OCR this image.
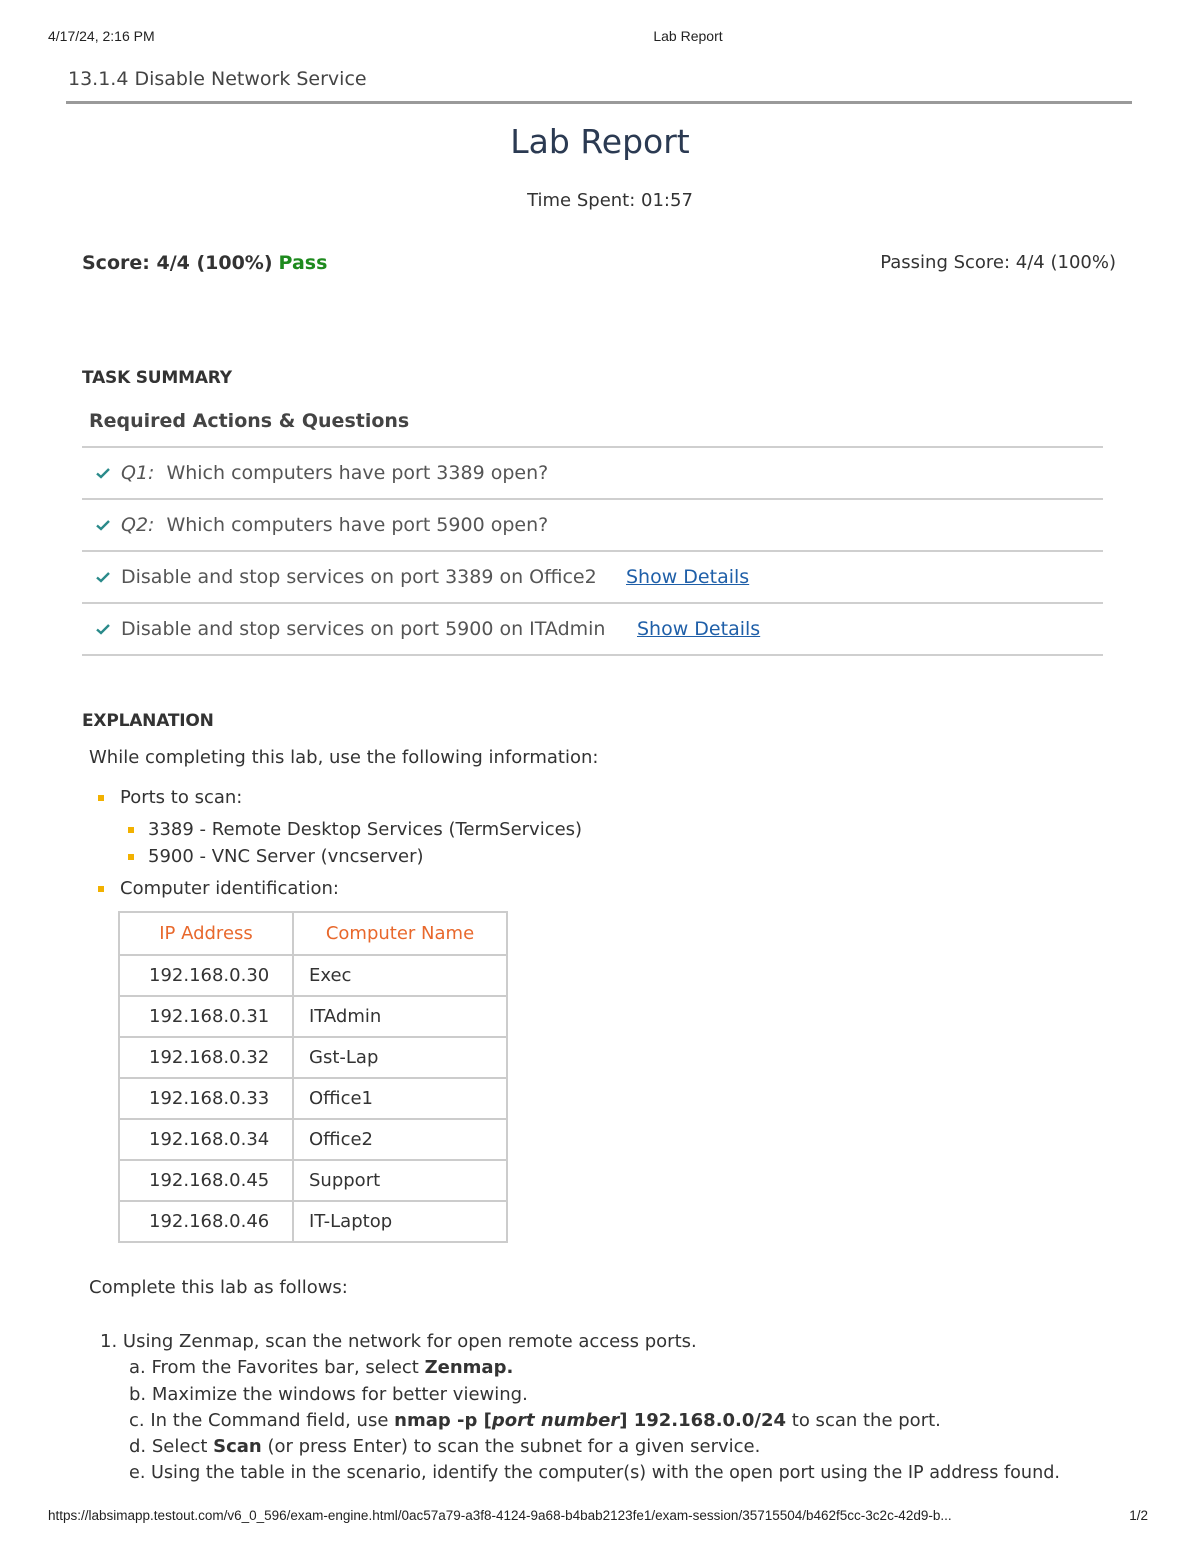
4/17/24, 2:16 PM	Lab Report
13.1.4 Disable Network Service
Lab Report
Time Spent: 01:57
Score: 4/4 (100%) Pass	Passing Score: 4/4 (100%)
TASK SUMMARY
Required Actions & Questions
Q1: Which computers have port 3389 open?
Q2: Which computers have port 5900 open?
Disable and stop services on port 3389 on Office2 Show Details
Disable and stop services on port 5900 on ITAdmin Show Details
EXPLANATION
While completing this lab, use the following information:
Ports to scan:
3389 - Remote Desktop Services (TermServices)
5900 - VNC Server (vncserver)
Computer identification:
IP Address	Computer Name
192.168.0.30	Exec
192.168.0.31	ITAdmin
192.168.0.32	Gst-Lap
192.168.0.33	Office1
192.168.0.34	Office2
192.168.0.45	Support
192.168.0.46	IT-Laptop
Complete this lab as follows:
1. Using Zenmap, scan the network for open remote access ports.
a. From the Favorites bar, select Zenmap.
b. Maximize the windows for better viewing.
c. In the Command field, use nmap -p [port number] 192.168.0.0/24 to scan the port.
d. Select Scan (or press Enter) to scan the subnet for a given service.
e. Using the table in the scenario, identify the computer(s) with the open port using the IP address found.
https://labsimapp.testout.com/v6_0_596/exam-engine.html/0ac57a79-a3f8-4124-9a68-b4bab2123fe1/exam-session/35715504/b462f5cc-3c2c-42d9-b...	1/2
